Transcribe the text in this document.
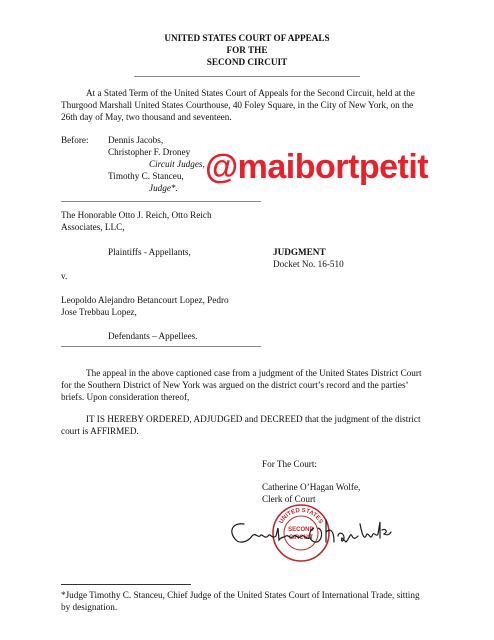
UNITED STATES COURT OF APPEALS
FOR THE
SECOND CIRCUIT
At a Stated Term of the United States Court of Appeals for the Second Circuit, held at the
Thurgood Marshall United States Courthouse, 40 Foley Square, in the City of New York, on the
26th day of May, two thousand and seventeen.
Before: Dennis Jacobs,
Christopher F. Droney
Circuit Judges,
Timothy C. Stanceu,
Judge*.
@maibortpetit
The Honorable Otto J. Reich, Otto Reich
Associates, LLC,
Plaintiffs - Appellants,	JUDGMENT
Docket No. 16-510
v.
Leopoldo Alejandro Betancourt Lopez, Pedro
Jose Trebbau Lopez,
Defendants – Appellees.
The appeal in the above captioned case from a judgment of the United States District Court
for the Southern District of New York was argued on the district court’s record and the parties’
briefs. Upon consideration thereof,
IT IS HEREBY ORDERED, ADJUDGED and DECREED that the judgment of the district
court is AFFIRMED.
For The Court:
Catherine O’Hagan Wolfe,
Clerk of Court
UNITED STATES
SECOND
CIRCUIT
*Judge Timothy C. Stanceu, Chief Judge of the United States Court of International Trade, sitting
by designation.
